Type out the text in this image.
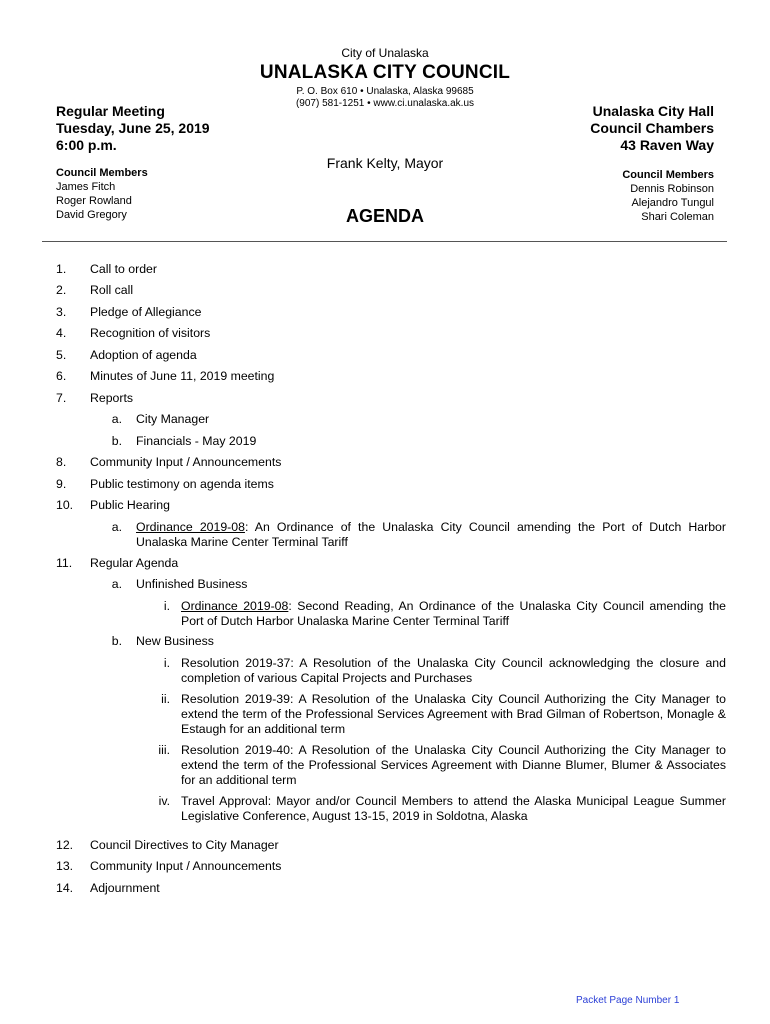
City of Unalaska
UNALASKA CITY COUNCIL
P. O. Box 610 • Unalaska, Alaska 99685
(907) 581-1251 • www.ci.unalaska.ak.us
Frank Kelty, Mayor
AGENDA
Regular Meeting
Tuesday, June 25, 2019
6:00 p.m.
Council Members
James Fitch
Roger Rowland
David Gregory
Unalaska City Hall
Council Chambers
43 Raven Way
Council Members
Dennis Robinson
Alejandro Tungul
Shari Coleman
1.	Call to order
2.	Roll call
3.	Pledge of Allegiance
4.	Recognition of visitors
5.	Adoption of agenda
6.	Minutes of June 11, 2019 meeting
7.	Reports
a. City Manager
b. Financials - May 2019
8.	Community Input / Announcements
9.	Public testimony on agenda items
10.	Public Hearing
a. Ordinance 2019-08: An Ordinance of the Unalaska City Council amending the Port of Dutch Harbor Unalaska Marine Center Terminal Tariff
11.	Regular Agenda
a. Unfinished Business
i. Ordinance 2019-08: Second Reading, An Ordinance of the Unalaska City Council amending the Port of Dutch Harbor Unalaska Marine Center Terminal Tariff
b. New Business
i. Resolution 2019-37: A Resolution of the Unalaska City Council acknowledging the closure and completion of various Capital Projects and Purchases
ii. Resolution 2019-39: A Resolution of the Unalaska City Council Authorizing the City Manager to extend the term of the Professional Services Agreement with Brad Gilman of Robertson, Monagle & Estaugh for an additional term
iii. Resolution 2019-40: A Resolution of the Unalaska City Council Authorizing the City Manager to extend the term of the Professional Services Agreement with Dianne Blumer, Blumer & Associates for an additional term
iv. Travel Approval: Mayor and/or Council Members to attend the Alaska Municipal League Summer Legislative Conference, August 13-15, 2019 in Soldotna, Alaska
12.	Council Directives to City Manager
13.	Community Input / Announcements
14.	Adjournment
Packet Page Number 1
